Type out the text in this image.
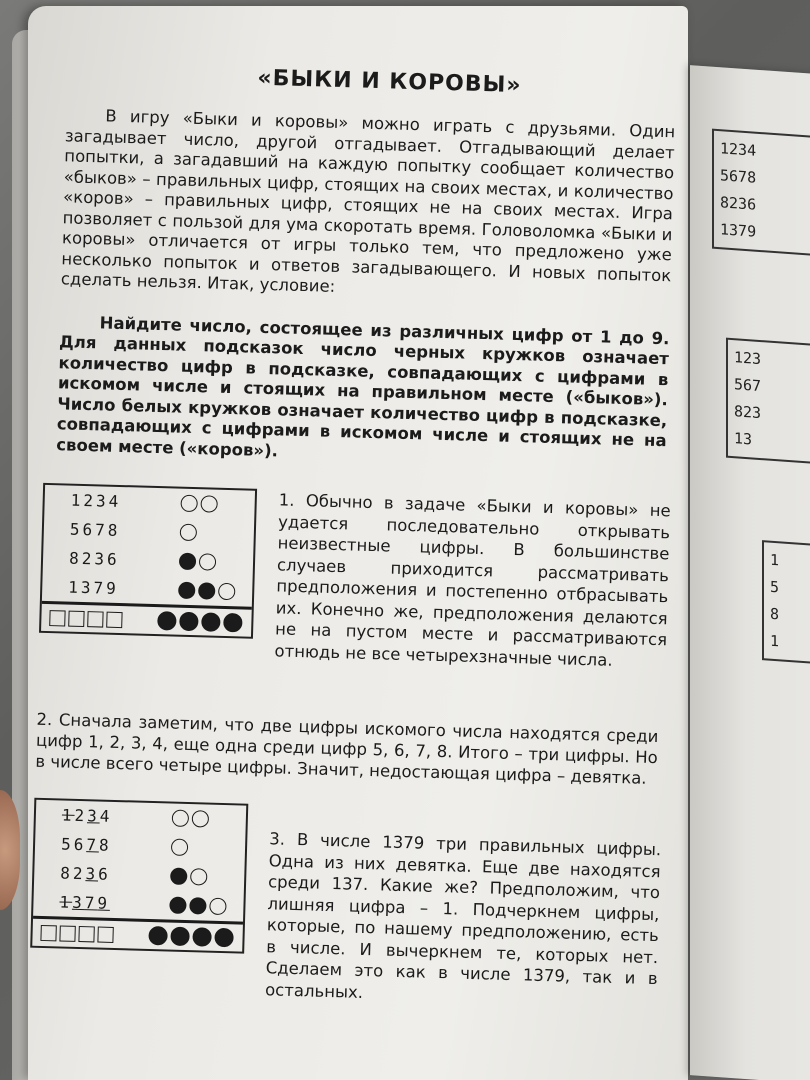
1234
5678
8236
1379
123
567
823
13
1
5
8
1
«БЫКИ И КОРОВЫ»

В игру «Быки и коровы» можно играть с друзьями. Один загадывает число, другой отгадывает. Отгадывающий делает попытки, а загадавший на каждую попытку сообщает количество «быков» – правильных цифр, стоящих на своих местах, и количество «коров» – правильных цифр, стоящих не на своих местах. Игра позволяет с пользой для ума скоротать время. Головоломка «Быки и коровы» отличается от игры только тем, что предложено уже несколько попыток и ответов загадывающего. И новых попыток сделать нельзя. Итак, условие:

Найдите число, состоящее из различных цифр от 1 до 9. Для данных подсказок число черных кружков означает количество цифр в подсказке, совпадающих с цифрами в искомом числе и стоящих на правильном месте («быков»). Число белых кружков означает количество цифр в подсказке, совпадающих с цифрами в искомом числе и стоящих не на своем месте («коров»).

1234
5678
8236
1379

1. Обычно в задаче «Быки и коровы» не удается последовательно открывать неизвестные цифры. В большинстве случаев приходится рассматривать предположения и постепенно отбрасывать их. Конечно же, предположения делаются не на пустом месте и рассматриваются отнюдь не все четырехзначные числа.

2. Сначала заметим, что две цифры искомого числа находятся среди цифр 1, 2, 3, 4, еще одна среди цифр 5, 6, 7, 8. Итого – три цифры. Но в числе всего четыре цифры. Значит, недостающая цифра – девятка.

1234
5678
8236
1379

3. В числе 1379 три правильных цифры. Одна из них девятка. Еще две находятся среди 137. Какие же? Предположим, что лишняя цифра – 1. Подчеркнем цифры, которые, по нашему предположению, есть в числе. И вычеркнем те, которых нет. Сделаем это как в числе 1379, так и в остальных.
